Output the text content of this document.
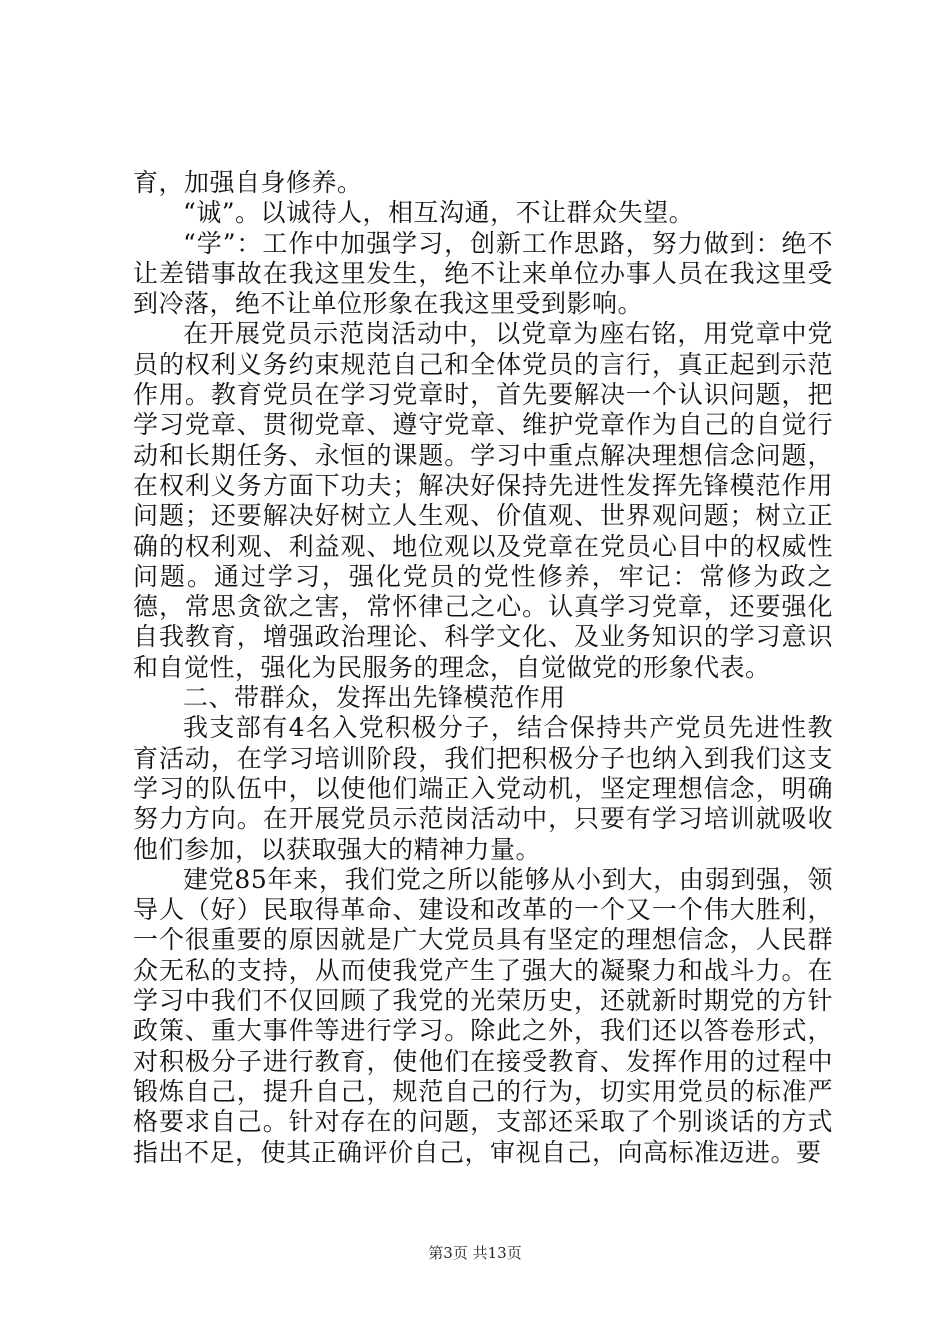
育，加强自身修养。

“诚”。以诚待人，相互沟通，不让群众失望。

“学”：工作中加强学习，创新工作思路，努力做到：绝不让差错事故在我这里发生，绝不让来单位办事人员在我这里受到冷落，绝不让单位形象在我这里受到影响。

在开展党员示范岗活动中，以党章为座右铭，用党章中党员的权利义务约束规范自己和全体党员的言行，真正起到示范作用。教育党员在学习党章时，首先要解决一个认识问题，把学习党章、贯彻党章、遵守党章、维护党章作为自己的自觉行动和长期任务、永恒的课题。学习中重点解决理想信念问题，在权利义务方面下功夫；解决好保持先进性发挥先锋模范作用问题；还要解决好树立人生观、价值观、世界观问题；树立正确的权利观、利益观、地位观以及党章在党员心目中的权威性问题。通过学习，强化党员的党性修养，牢记：常修为政之德，常思贪欲之害，常怀律己之心。认真学习党章，还要强化自我教育，增强政治理论、科学文化、及业务知识的学习意识和自觉性，强化为民服务的理念，自觉做党的形象代表。

二、带群众，发挥出先锋模范作用

我支部有4名入党积极分子，结合保持共产党员先进性教育活动，在学习培训阶段，我们把积极分子也纳入到我们这支学习的队伍中，以使他们端正入党动机，坚定理想信念，明确努力方向。在开展党员示范岗活动中，只要有学习培训就吸收他们参加，以获取强大的精神力量。

建党85年来，我们党之所以能够从小到大，由弱到强，领导人（好）民取得革命、建设和改革的一个又一个伟大胜利，一个很重要的原因就是广大党员具有坚定的理想信念，人民群众无私的支持，从而使我党产生了强大的凝聚力和战斗力。在学习中我们不仅回顾了我党的光荣历史，还就新时期党的方针政策、重大事件等进行学习。除此之外，我们还以答卷形式，对积极分子进行教育，使他们在接受教育、发挥作用的过程中锻炼自己，提升自己，规范自己的行为，切实用党员的标准严格要求自己。针对存在的问题，支部还采取了个别谈话的方式指出不足，使其正确评价自己，审视自己，向高标准迈进。要

第3页 共13页
